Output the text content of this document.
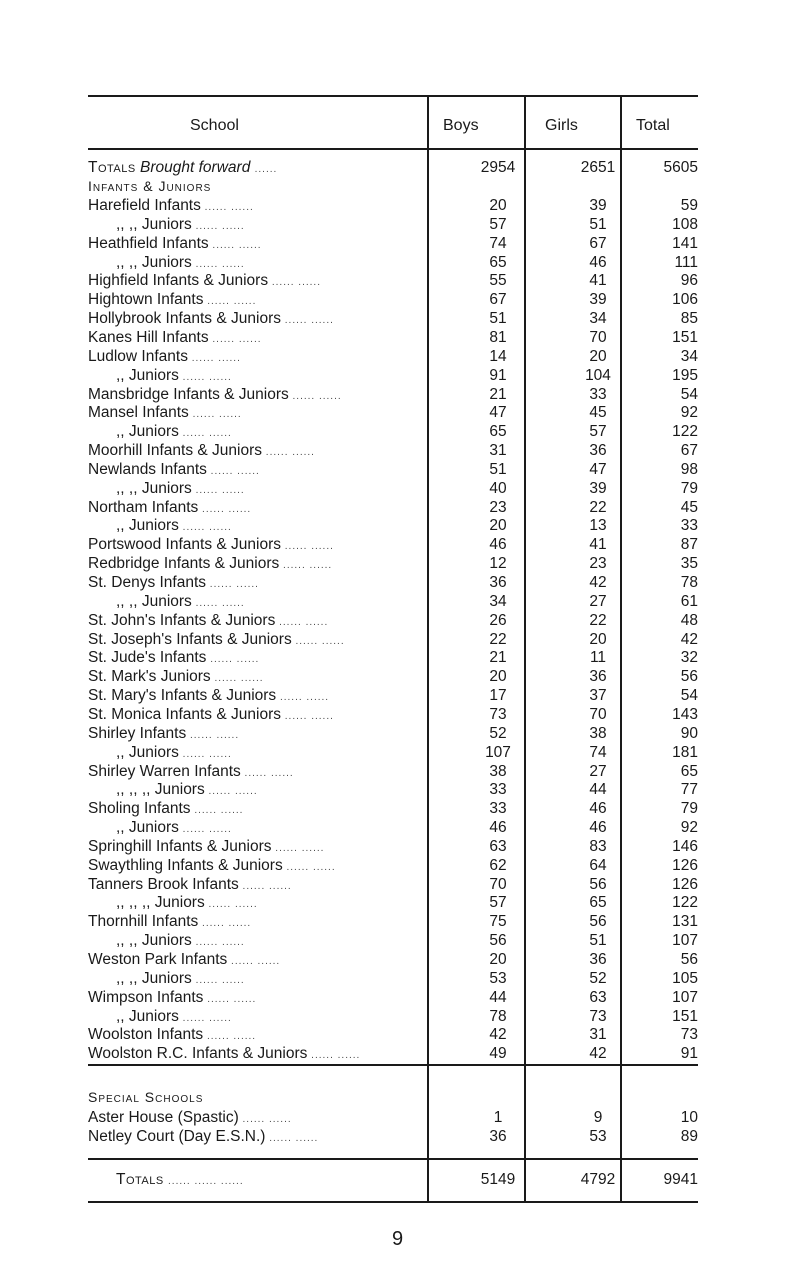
School	Boys	Girls	Total
Totals Brought forward ......	2954	2651	5605
Infants & Juniors
Harefield Infants ...... ......	20	39	59
,, ,, Juniors ...... ......	57	51	108
Heathfield Infants ...... ......	74	67	141
,, ,, Juniors ...... ......	65	46	111
Highfield Infants & Juniors ...... ......	55	41	96
Hightown Infants ...... ......	67	39	106
Hollybrook Infants & Juniors ...... ......	51	34	85
Kanes Hill Infants ...... ......	81	70	151
Ludlow Infants ...... ......	14	20	34
,, Juniors ...... ......	91	104	195
Mansbridge Infants & Juniors ...... ......	21	33	54
Mansel Infants ...... ......	47	45	92
,, Juniors ...... ......	65	57	122
Moorhill Infants & Juniors ...... ......	31	36	67
Newlands Infants ...... ......	51	47	98
,, ,, Juniors ...... ......	40	39	79
Northam Infants ...... ......	23	22	45
,, Juniors ...... ......	20	13	33
Portswood Infants & Juniors ...... ......	46	41	87
Redbridge Infants & Juniors ...... ......	12	23	35
St. Denys Infants ...... ......	36	42	78
,, ,, Juniors ...... ......	34	27	61
St. John's Infants & Juniors ...... ......	26	22	48
St. Joseph's Infants & Juniors ...... ......	22	20	42
St. Jude's Infants ...... ......	21	11	32
St. Mark's Juniors ...... ......	20	36	56
St. Mary's Infants & Juniors ...... ......	17	37	54
St. Monica Infants & Juniors ...... ......	73	70	143
Shirley Infants ...... ......	52	38	90
,, Juniors ...... ......	107	74	181
Shirley Warren Infants ...... ......	38	27	65
,, ,, ,, Juniors ...... ......	33	44	77
Sholing Infants ...... ......	33	46	79
,, Juniors ...... ......	46	46	92
Springhill Infants & Juniors ...... ......	63	83	146
Swaythling Infants & Juniors ...... ......	62	64	126
Tanners Brook Infants ...... ......	70	56	126
,, ,, ,, Juniors ...... ......	57	65	122
Thornhill Infants ...... ......	75	56	131
,, ,, Juniors ...... ......	56	51	107
Weston Park Infants ...... ......	20	36	56
,, ,, Juniors ...... ......	53	52	105
Wimpson Infants ...... ......	44	63	107
,, Juniors ...... ......	78	73	151
Woolston Infants ...... ......	42	31	73
Woolston R.C. Infants & Juniors ...... ......	49	42	91
Special Schools
Aster House (Spastic) ...... ......	1	9	10
Netley Court (Day E.S.N.) ...... ......	36	53	89
Totals ...... ...... ......	5149	4792	9941
9
